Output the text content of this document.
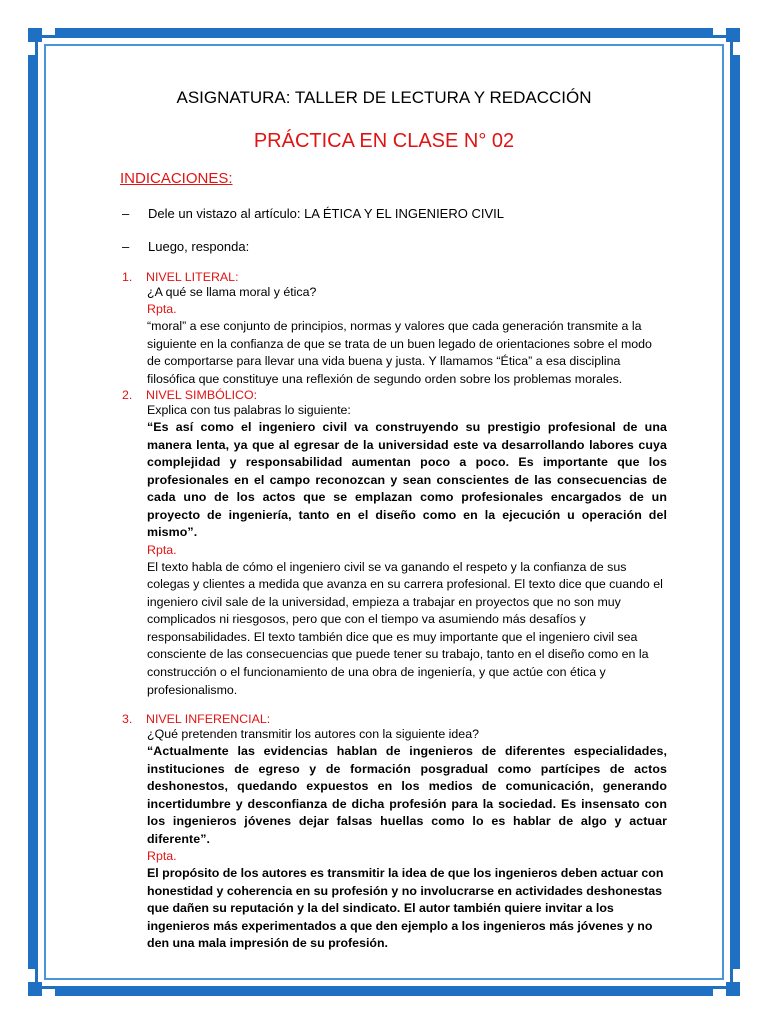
ASIGNATURA: TALLER DE LECTURA Y REDACCIÓN
PRÁCTICA EN CLASE N° 02
INDICACIONES:
– Dele un vistazo al artículo: LA ÉTICA Y EL INGENIERO CIVIL
– Luego, responda:
1. NIVEL LITERAL:
¿A qué se llama moral y ética?
Rpta.
“moral” a ese conjunto de principios, normas y valores que cada generación transmite a la siguiente en la confianza de que se trata de un buen legado de orientaciones sobre el modo de comportarse para llevar una vida buena y justa. Y llamamos “Ética” a esa disciplina filosófica que constituye una reflexión de segundo orden sobre los problemas morales.
2. NIVEL SIMBÓLICO:
Explica con tus palabras lo siguiente:
“Es así como el ingeniero civil va construyendo su prestigio profesional de una manera lenta, ya que al egresar de la universidad este va desarrollando labores cuya complejidad y responsabilidad aumentan poco a poco. Es importante que los profesionales en el campo reconozcan y sean conscientes de las consecuencias de cada uno de los actos que se emplazan como profesionales encargados de un proyecto de ingeniería, tanto en el diseño como en la ejecución u operación del mismo”.
Rpta.
El texto habla de cómo el ingeniero civil se va ganando el respeto y la confianza de sus colegas y clientes a medida que avanza en su carrera profesional. El texto dice que cuando el ingeniero civil sale de la universidad, empieza a trabajar en proyectos que no son muy complicados ni riesgosos, pero que con el tiempo va asumiendo más desafíos y responsabilidades. El texto también dice que es muy importante que el ingeniero civil sea consciente de las consecuencias que puede tener su trabajo, tanto en el diseño como en la construcción o el funcionamiento de una obra de ingeniería, y que actúe con ética y profesionalismo.
3. NIVEL INFERENCIAL:
¿Qué pretenden transmitir los autores con la siguiente idea?
“Actualmente las evidencias hablan de ingenieros de diferentes especialidades, instituciones de egreso y de formación posgradual como partícipes de actos deshonestos, quedando expuestos en los medios de comunicación, generando incertidumbre y desconfianza de dicha profesión para la sociedad. Es insensato con los ingenieros jóvenes dejar falsas huellas como lo es hablar de algo y actuar diferente”.
Rpta.
El propósito de los autores es transmitir la idea de que los ingenieros deben actuar con honestidad y coherencia en su profesión y no involucrarse en actividades deshonestas que dañen su reputación y la del sindicato. El autor también quiere invitar a los ingenieros más experimentados a que den ejemplo a los ingenieros más jóvenes y no den una mala impresión de su profesión.
